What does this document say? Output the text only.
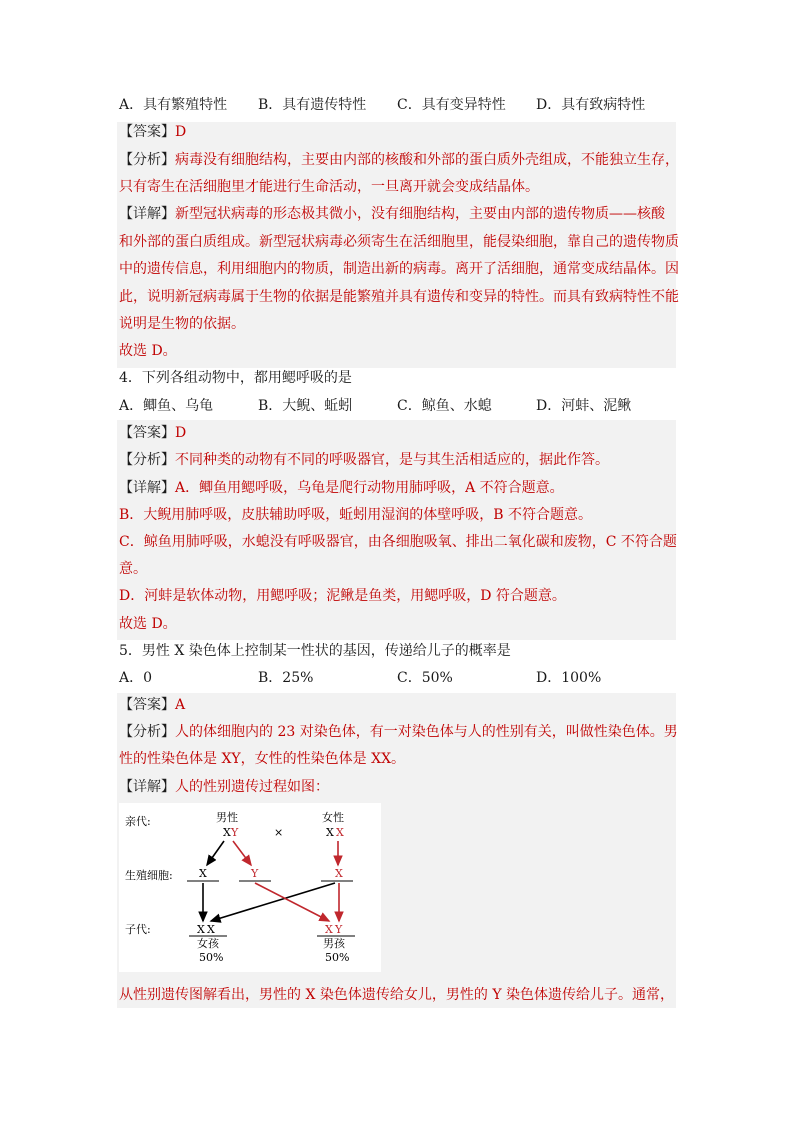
A．具有繁殖特性 B．具有遗传特性 C．具有变异特性 D．具有致病特性
【答案】D
【分析】病毒没有细胞结构，主要由内部的核酸和外部的蛋白质外壳组成，不能独立生存，
只有寄生在活细胞里才能进行生命活动，一旦离开就会变成结晶体。
【详解】新型冠状病毒的形态极其微小，没有细胞结构，主要由内部的遗传物质——核酸
和外部的蛋白质组成。新型冠状病毒必须寄生在活细胞里，能侵染细胞，靠自己的遗传物质
中的遗传信息，利用细胞内的物质，制造出新的病毒。离开了活细胞，通常变成结晶体。因
此，说明新冠病毒属于生物的依据是能繁殖并具有遗传和变异的特性。而具有致病特性不能
说明是生物的依据。
故选 D。
4．下列各组动物中，都用鳃呼吸的是
A．鲫鱼、乌龟	B．大鲵、蚯蚓	C．鲸鱼、水螅	D．河蚌、泥鳅
【答案】D
【分析】不同种类的动物有不同的呼吸器官，是与其生活相适应的，据此作答。
【详解】A．鲫鱼用鳃呼吸，乌龟是爬行动物用肺呼吸，A 不符合题意。
B．大鲵用肺呼吸，皮肤辅助呼吸，蚯蚓用湿润的体壁呼吸，B 不符合题意。
C．鲸鱼用肺呼吸，水螅没有呼吸器官，由各细胞吸氧、排出二氧化碳和废物，C 不符合题
意。
D．河蚌是软体动物，用鳃呼吸；泥鳅是鱼类，用鳃呼吸，D 符合题意。
故选 D。
5．男性 X 染色体上控制某一性状的基因，传递给儿子的概率是
A．0	B．25%	C．50%	D．100%
【答案】A
【分析】人的体细胞内的 23 对染色体，有一对染色体与人的性别有关，叫做性染色体。男
性的性染色体是 XY，女性的性染色体是 XX。
【详解】人的性别遗传过程如图：
亲代:
生殖细胞:
子代:
男性
X Y	×
女性
X X
X	Y	X
X X
女孩
50%
X Y
男孩
50%
从性别遗传图解看出，男性的 X 染色体遗传给女儿，男性的 Y 染色体遗传给儿子。通常，
